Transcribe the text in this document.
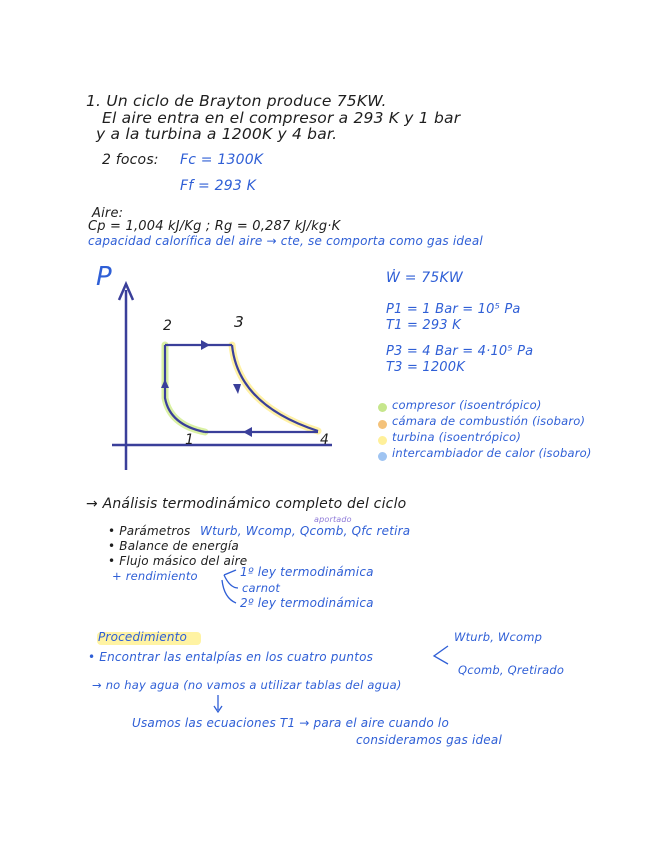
1. Un ciclo de Brayton produce 75KW.
El aire entra en el compresor a 293 K y 1 bar
y a la turbina a 1200K y 4 bar.
2 focos: Fc = 1300K
Ff = 293 K
Aire:
Cp = 1,004 kJ/Kg ; Rg = 0,287 kJ/kg·K
capacidad calorífica del aire → cte, se comporta como gas ideal
P
2	3
1	4
Ẇ = 75KW
P1 = 1 Bar = 10⁵ Pa
T1 = 293 K
P3 = 4 Bar = 4·10⁵ Pa
T3 = 1200K
compresor (isoentrópico)
cámara de combustión (isobaro)
turbina (isoentrópico)
intercambiador de calor (isobaro)
→ Análisis termodinámico completo del ciclo
• Parámetros Wturb, Wcomp, Qcomb, Qfc retira
aportado
• Balance de energía
• Flujo másico del aire
+ rendimiento	1º ley termodinámica
carnot
2º ley termodinámica
Procedimiento
• Encontrar las entalpías en los cuatro puntos
Wturb, Wcomp
Qcomb, Qretirado
→ no hay agua (no vamos a utilizar tablas del agua)
Usamos las ecuaciones T1 → para el aire cuando lo
consideramos gas ideal
